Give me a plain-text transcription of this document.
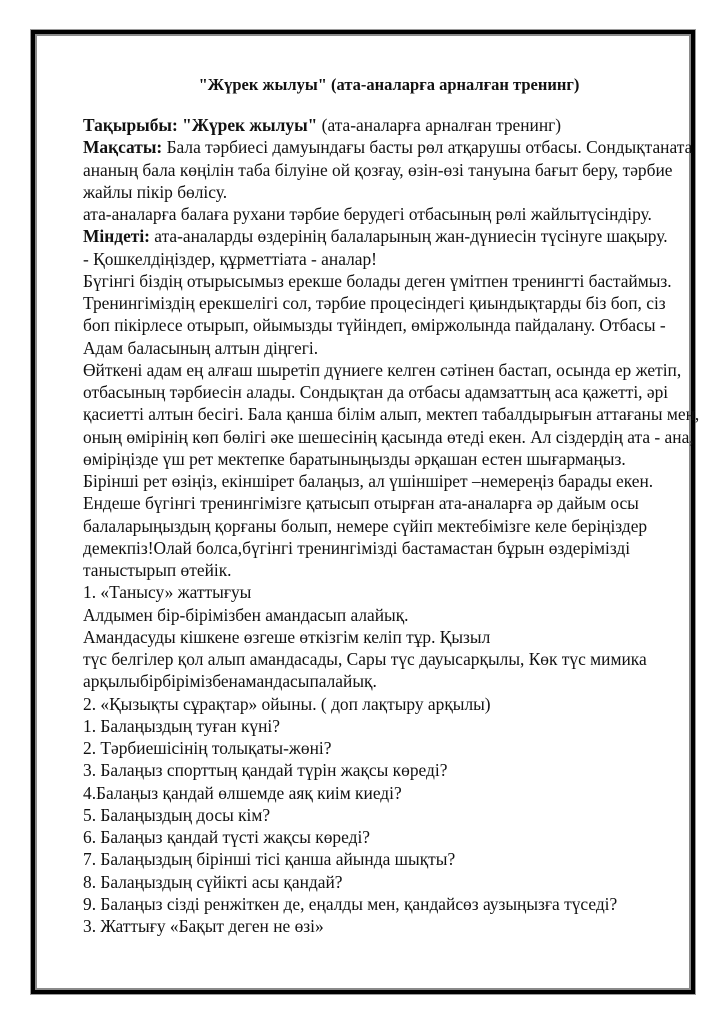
"Жүрек жылуы" (ата-аналарға арналған тренинг)
Тақырыбы: "Жүрек жылуы" (ата-аналарға арналған тренинг)
Мақсаты: Бала тәрбиесі дамуындағы басты рөл атқарушы отбасы. Сондықтаната
ананың бала көңілін таба білуіне ой қозғау, өзін-өзі тануына бағыт беру, тәрбие
жайлы пікір бөлісу.
ата-аналарға балаға рухани тәрбие берудегі отбасының рөлі жайлытүсіндіру.
Міндеті: ата-аналарды өздерінің балаларының жан-дүниесін түсінуге шақыру.
- Қошкелдіңіздер, құрметтіата - аналар!
Бүгінгі біздің отырысымыз ерекше болады деген үмітпен тренингті бастаймыз.
Тренингіміздің ерекшелігі сол, тәрбие процесіндегі қиындықтарды біз боп, сіз
боп пікірлесе отырып, ойымызды түйіндеп, өміржолында пайдалану. Отбасы -
Адам баласының алтын діңгегі.
Өйткені адам ең алғаш шыретіп дүниеге келген сәтінен бастап, осында ер жетіп,
отбасының тәрбиесін алады. Сондықтан да отбасы адамзаттың аса қажетті, әрі
қасиетті алтын бесігі. Бала қанша білім алып, мектеп табалдырығын аттағаны мен,
оның өмірінің көп бөлігі әке шешесінің қасында өтеді екен. Ал сіздердің ата - ана,
өміріңізде үш рет мектепке баратыныңызды әрқашан естен шығармаңыз.
Бірінші рет өзіңіз, екіншірет балаңыз, ал үшіншірет –немереңіз барады екен.
Ендеше бүгінгі тренингімізге қатысып отырған ата-аналарға әр дайым осы
балаларыңыздың қорғаны болып, немере сүйіп мектебімізге келе беріңіздер
демекпіз!Олай болса,бүгінгі тренингімізді бастамастан бұрын өздерімізді
таныстырып өтейік.
1. «Танысу» жаттығуы
Алдымен бір-бірімізбен амандасып алайық.
Амандасуды кішкене өзгеше өткізгім келіп тұр. Қызыл
түс белгілер қол алып амандасады, Сары түс дауысарқылы, Көк түс мимика
арқылыбірбірімізбенамандасыпалайық.
2. «Қызықты сұрақтар» ойыны. ( доп лақтыру арқылы)
1. Балаңыздың туған күні?
2. Тәрбиешісінің толықаты-жөні?
3. Балаңыз спорттың қандай түрін жақсы көреді?
4.Балаңыз қандай өлшемде аяқ киім киеді?
5. Балаңыздың досы кім?
6. Балаңыз қандай түсті жақсы көреді?
7. Балаңыздың бірінші тісі қанша айында шықты?
8. Балаңыздың сүйікті асы қандай?
9. Балаңыз сізді ренжіткен де, еңалды мен, қандайсөз аузыңызға түседі?
3. Жаттығу «Бақыт деген не өзі»
